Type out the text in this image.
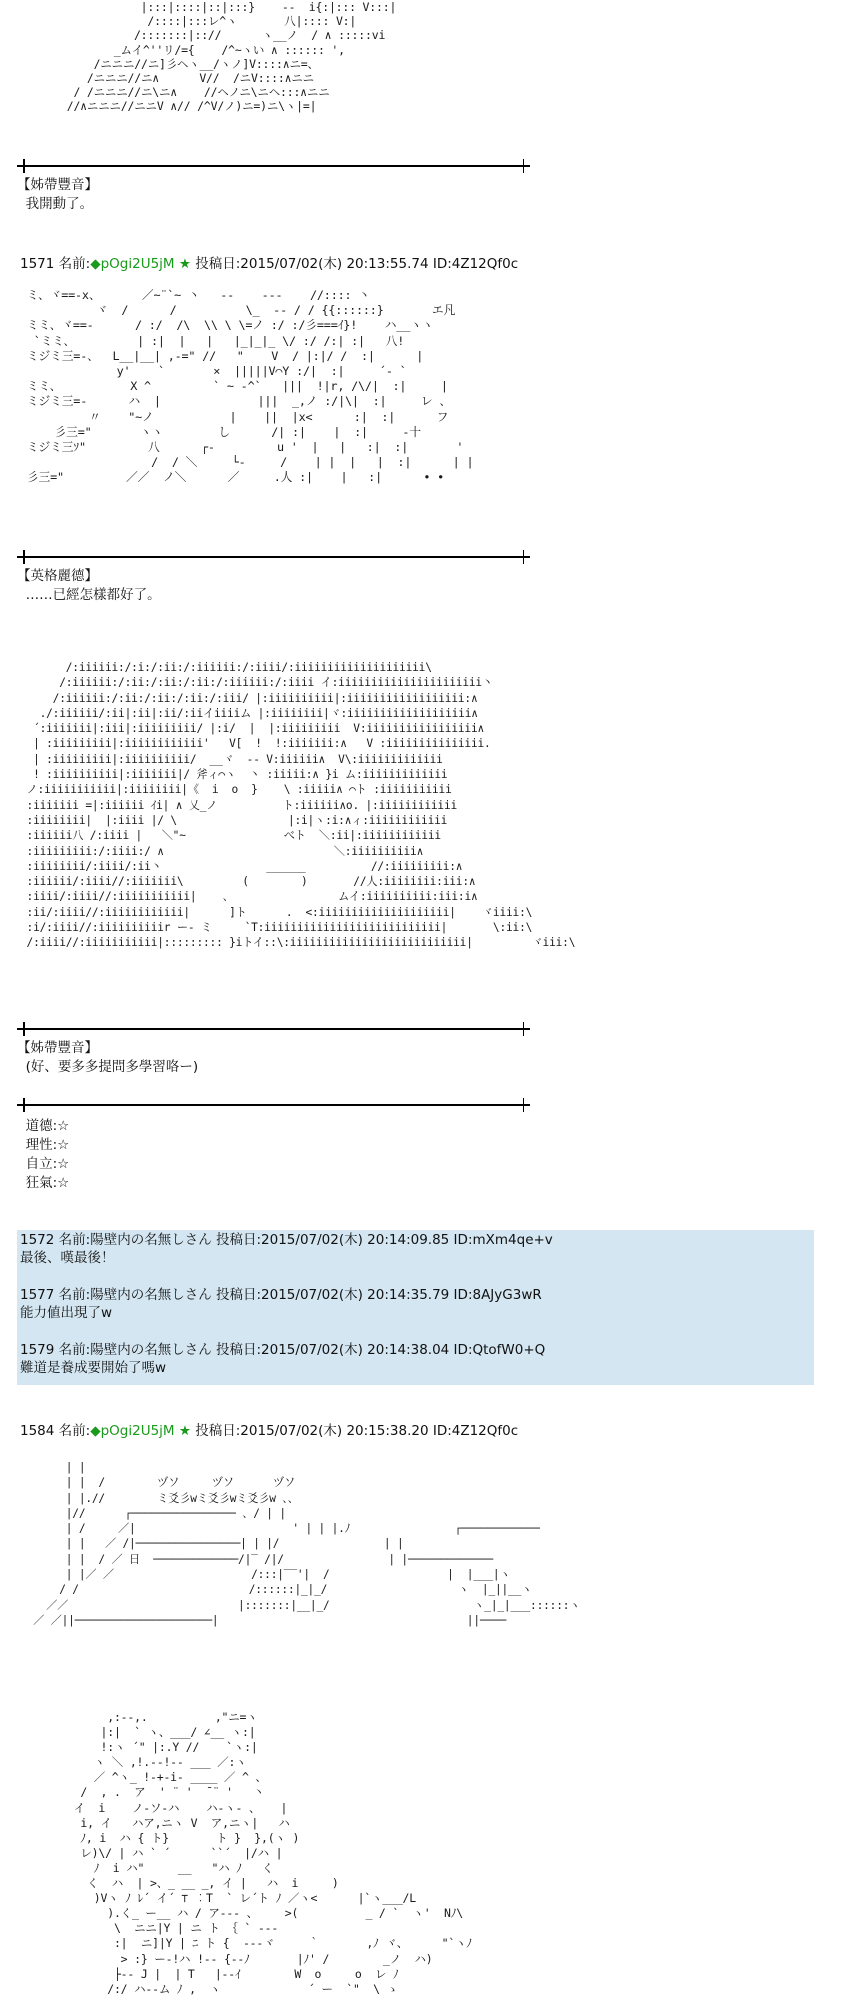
|:::|::::|::|:::}    --  i{:|::: V:::|
/::::|:::レ^ヽ       八|:::: V:|
/:::::::|:://      ヽ__ノ  / ∧ :::::vi
_ムイ^''リ/={    /^~ヽい ∧ :::::: ',
/ニニニ//ニ]彡ヘヽ__/ヽノ]V::::∧ニ=、
/ニニニ//ニ∧      V//  /ニV::::∧ニニ
/ /ニニニ//ニ\ニ∧    //ヘノニ\ニヘ:::∧ニニ
//∧ニニニ//ニニV ∧// /^V/ノ)ニ=)ニ\ヽ|=|
【姊帶豐音】
我開動了。
1571 名前:◆pOgi2U5jM ★ 投稿日:2015/07/02(木) 20:13:55.74 ID:4Z12Qf0c
ミ、ヾ==-x、      ／~¨`~ 丶   --    ---    //:::: 丶
ヾ  /      /          \_  -- / / {{::::::}       エ凡
ミミ、ヾ==-      / :/  /\  \\ \ \=ノ :/ :/彡===ｲ}!    ハ__ヽヽ
`ミミ、         | :|  |   |   |_|_|_ \/ :/ /:| :|   八!
ミジミ三=-、  L__|__| ,-=" //   "    V  / |:|/ /  :|      |
y'    `       ×  |||||V⌒Y :/|  :|     ´- `
ミミ、          X ^         ` ~ -^`   |||  !|r, /\/|  :|     |
ミジミ三=-      ハ  |              |||  _,ノ :/|\|  :|     レ 、
〃    "~ノ           |    ||  |x<      :|  :|      フ
彡三="       ヽヽ        し      /| :|    |  :|     -十
ミジミ三ｿ"         八      ┌-         u '  |   |   :|  :|       '
/  / ＼     └-     /    | |  |   |  :|      | |
彡三="         ／／  ノ＼      ／     .人 :|    |   :|      • •
【英格麗德】
……已經怎樣都好了。
/:iiiiii:/:i:/:ii:/:iiiiii:/:iiii/:iiiiiiiiiiiiiiiiiiii\
/:iiiiii:/:ii:/:ii:/:ii:/:iiiiii:/:iiii イ:iiiiiiiiiiiiiiiiiiiiii丶
/:iiiiii:/:ii:/:ii:/:ii:/:iii/ |:iiiiiiiiii|:iiiiiiiiiiiiiiiiii:∧
./:iiiiii/:ii|:ii|:ii/:iiイiiiiム |:iiiiiiii|ヾ:iiiiiiiiiiiiiiiiiii∧
´:iiiiiii|:iii|:iiiiiiiii/ |:i/  |  |:iiiiiiiii  V:iiiiiiiiiiiiiiiii∧
| :iiiiiiiii|:iiiiiiiiiiii'   V[  !  !:iiiiiii:∧   V :iiiiiiiiiiiiiii.
| :iiiiiiiii|:iiiiiiiiii/  __ヾ  -- V:iiiiii∧  V\:iiiiiiiiiiiii
! :iiiiiiiiii|:iiiiiii|/ 斧ィ⌒ヽ  丶 :iiiii:∧ }i ム:iiiiiiiiiiiii
ノ:iiiiiiiiiii|:iiiiiiii|《  i  o  }    \ :iiiii∧ ⌒ト :iiiiiiiiiii
:iiiiiii =|:iiiiii ｲi| ∧ 乂_ノ          ト:iiiiii∧o. |:iiiiiiiiiiii
:iiiiiiii|  |:iiii |/ \                 |:i|ヽ:i:∧ィ:iiiiiiiiiiii
:iiiiii八 /:iiii |   ＼"~               べト  ＼:ii|:iiiiiiiiiiii
:iiiiiiiii:/:iiii:/ ∧                          ＼:iiiiiiiiii∧
:iiiiiiii/:iiii/:ii丶                ______          //:iiiiiiiii:∧
:iiiiii/:iiii//:iiiiiii\         (        )       //人:iiiiiiii:iii:∧
:iiii/:iiii//:iiiiiiiiiii|    、                ムイ:iiiiiiiiii:iii:i∧
:ii/:iiii//:iiiiiiiiiiii|      ]ト      .  <:iiiiiiiiiiiiiiiiiiii|    ヾiiii:\
:i/:iiii//:iiiiiiiiiir ー‐ ミ     `T:iiiiiiiiiiiiiiiiiiiiiiiiiii|       \:ii:\
/:iiii//:iiiiiiiiiii|::::::::: }iトイ::\:iiiiiiiiiiiiiiiiiiiiiiiiiii|         ヾiii:\
【姊帶豐音】
(好、要多多提問多學習咯ー)
道德:☆
理性:☆
自立:☆
狂氣:☆
1572 名前:陽壁内の名無しさん 投稿日:2015/07/02(木) 20:14:09.85 ID:mXm4qe+v
最後、嘆最後！
1577 名前:陽壁内の名無しさん 投稿日:2015/07/02(木) 20:14:35.79 ID:8AJyG3wR
能力値出現了w
1579 名前:陽壁内の名無しさん 投稿日:2015/07/02(木) 20:14:38.04 ID:QtofW0+Q
難道是養成要開始了嗎w
1584 名前:◆pOgi2U5jM ★ 投稿日:2015/07/02(木) 20:15:38.20 ID:4Z12Qf0c
| |
| |  /        ヅソ     ヅソ      ヅソ
| |.//        ミ爻彡wミ爻彡wミ爻彡w 、、
|//      ┌──────────────── 、/ | |
| /     ／|                        ' | | |.ﾉ                ┌────────────
| |   ／ /|────────────────| | |/                | |
| |  / ／ 日  ─────────────/|‾ /|/                | |─────────────
| |／ ／                     /:::|‾‾'|  /                  |  |___|ヽ
/ /                          /::::::|_|_/                    ヽ  |_||__ヽ
／／                          |:::::::|__|_/                      ヽ_|_|___::::::ヽ
／ ／||─────────────────────|                                      ||────
,:--,.          ,"ニ=ヽ
|:|  ` ヽ、___/ ∠__ ヽ:|
!:ヽ ´" |:.Y //    `ヽ:|
ヽ ＼ ,!.-‐!-- ___ ／:ヽ
／ ^ヽ_ !-+-i- ____ ／ ^ 、
/  , .  ア  ' ¨ '  ̄ ¨ '   丶
イ  i    ノ-ソ-ハ    ハ-ヽ- 、   |
i, イ   ハア,ニヽ V  ア,ニヽ|   ハ
ﾉ, i  ハ { ト}       ト }  },(ヽ )
レ)\/ | ハ ` ´      ``´  |/ハ |
ﾉ  i ハ"     __   "ハ ﾉ   く
く  ハ  | >、_ __ _, イ |   ハ  i     )
)Vヽ ﾉ ﾚ´ イ´ ⊤ ︰T  ` レ´ト ﾉ ／ヽ<      |`ヽ___/L
).く_ ー__ ハ / ア--- 、    >(          _ / `  ヽ'  Nﾉ\
\  ニニ|Y | ニ ト ｛ ` ---
:|  ニ]|Y | ﾆ ト {  ---ヾ     ｀       ,ﾉ ヾ、     "`ヽﾉ
> :} ー‐!ハ !-‐ {--ﾉ       |ﾉ' /        _ノ  ハ)
├-‐ J |  | T   |--ｲ        W  o     o  レ ﾉ
/:/ ハ--ム ﾉ ,  ヽ             ´ ー  `"  \ ゝ
